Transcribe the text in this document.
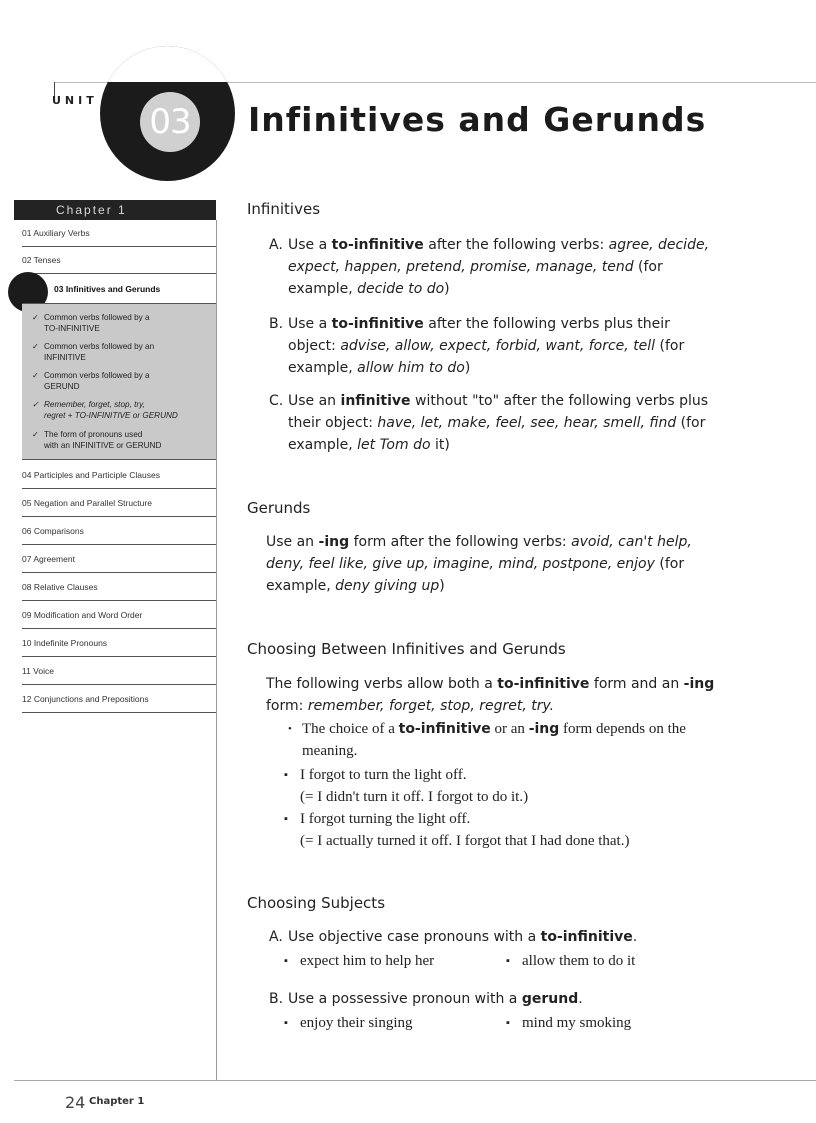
UNIT
03 Infinitives and Gerunds
Chapter 1
01 Auxiliary Verbs
02 Tenses
03 Infinitives and Gerunds
✓ Common verbs followed by a
TO-INFINITIVE
✓ Common verbs followed by an
INFINITIVE
✓ Common verbs followed by a
GERUND
✓ Remember, forget, stop, try,
regret + TO-INFINITIVE or GERUND
✓ The form of pronouns used
with an INFINITIVE or GERUND
04 Participles and Participle Clauses
05 Negation and Parallel Structure
06 Comparisons
07 Agreement
08 Relative Clauses
09 Modification and Word Order
10 Indefinite Pronouns
11 Voice
12 Conjunctions and Prepositions
Infinitives
A. Use a to-infinitive after the following verbs: agree, decide, expect, happen, pretend, promise, manage, tend (for example, decide to do)
B. Use a to-infinitive after the following verbs plus their object: advise, allow, expect, forbid, want, force, tell (for example, allow him to do)
C. Use an infinitive without "to" after the following verbs plus their object: have, let, make, feel, see, hear, smell, find (for example, let Tom do it)
Gerunds
Use an -ing form after the following verbs: avoid, can't help, deny, feel like, give up, imagine, mind, postpone, enjoy (for example, deny giving up)
Choosing Between Infinitives and Gerunds
The following verbs allow both a to-infinitive form and an -ing form: remember, forget, stop, regret, try.
• The choice of a to-infinitive or an -ing form depends on the meaning.
▪ I forgot to turn the light off.
(= I didn't turn it off. I forgot to do it.)
▪ I forgot turning the light off.
(= I actually turned it off. I forgot that I had done that.)
Choosing Subjects
A. Use objective case pronouns with a to-infinitive.
▪ expect him to help her	▪ allow them to do it
B. Use a possessive pronoun with a gerund.
▪ enjoy their singing	▪ mind my smoking
24 Chapter 1
